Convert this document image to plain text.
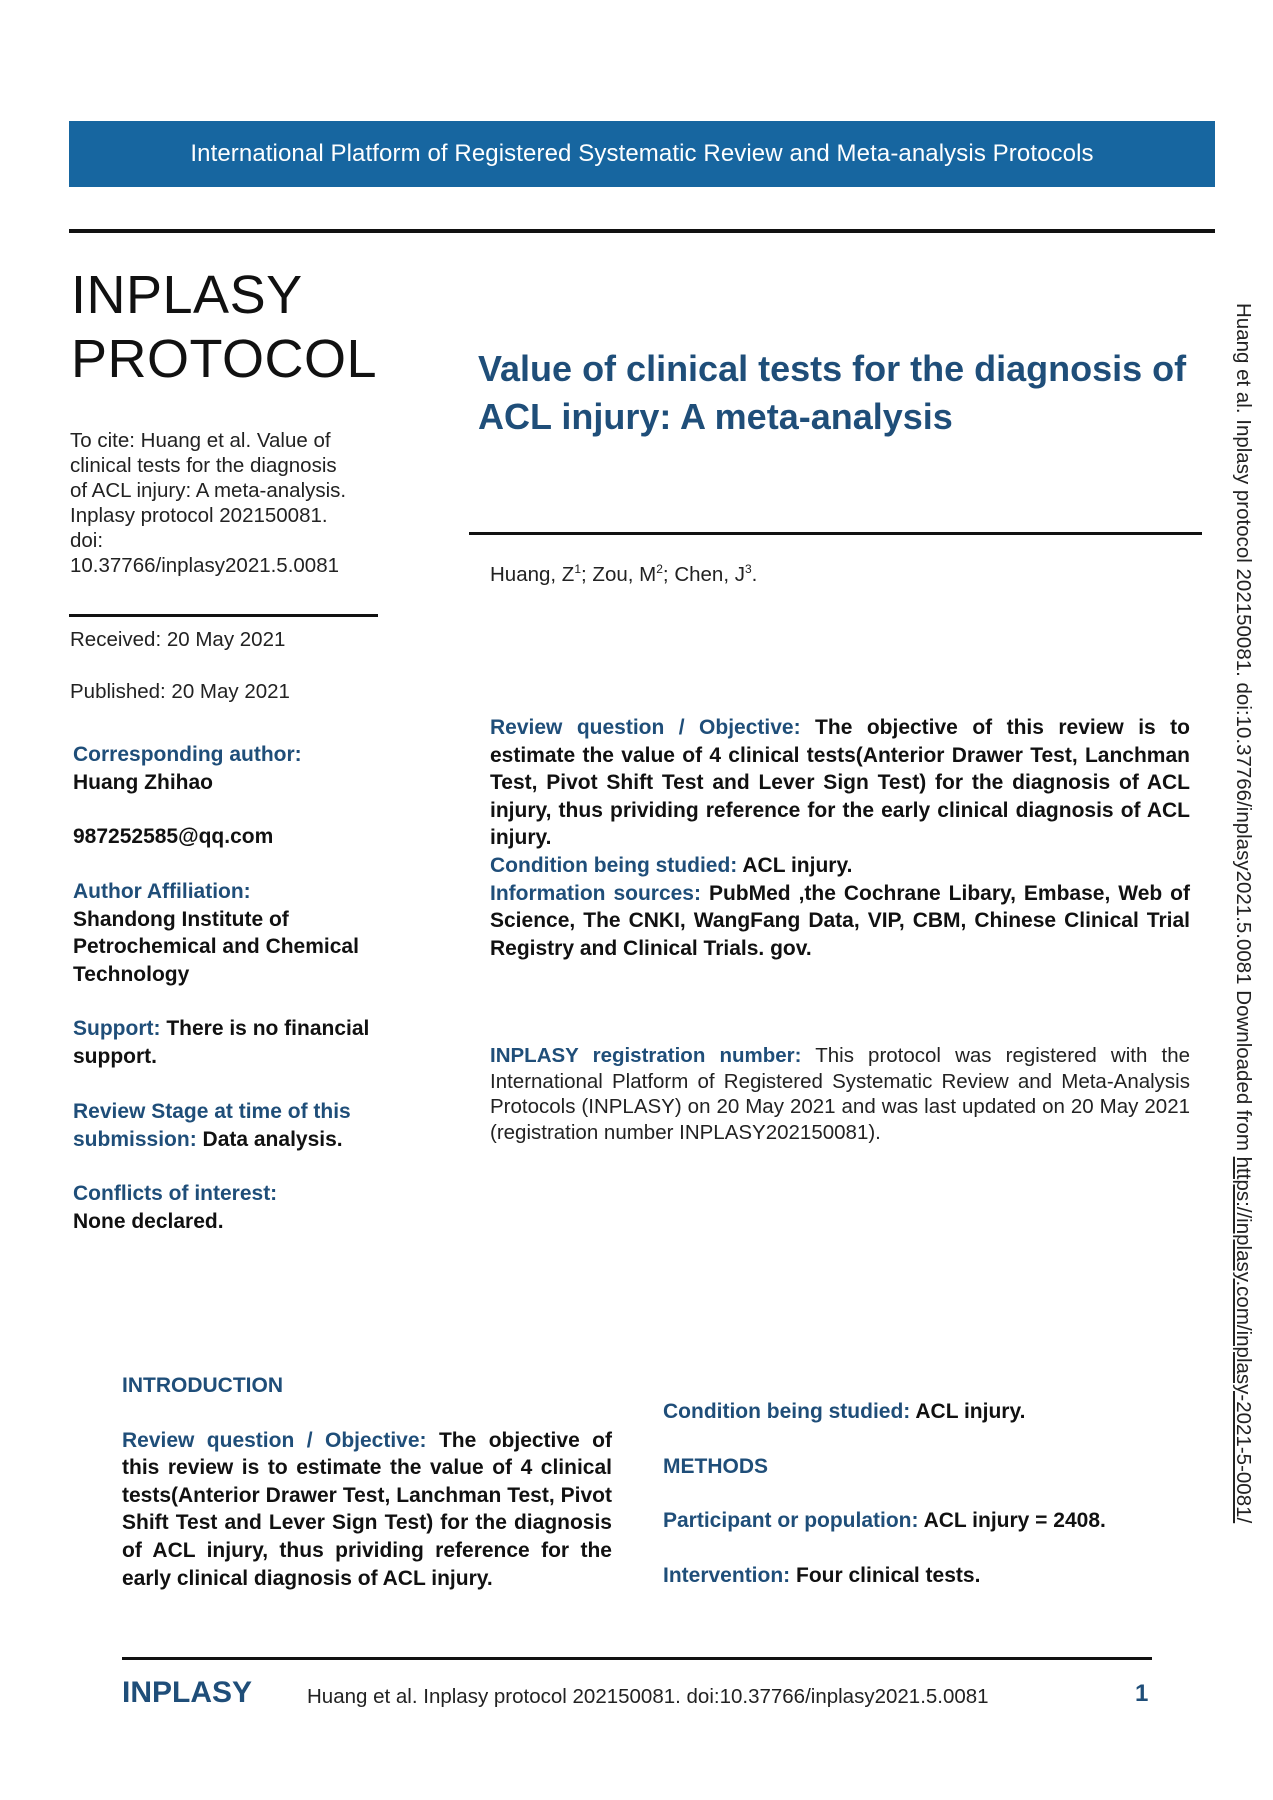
International Platform of Registered Systematic Review and Meta-analysis Protocols
INPLASY
PROTOCOL
To cite: Huang et al. Value of
clinical tests for the diagnosis
of ACL injury: A meta-analysis.
Inplasy protocol 202150081.
doi:
10.37766/inplasy2021.5.0081
Received: 20 May 2021
Published: 20 May 2021
Corresponding author:
Huang Zhihao
987252585@qq.com
Author Affiliation:
Shandong Institute of Petrochemical and Chemical Technology
Support: There is no financial support.
Review Stage at time of this submission: Data analysis.
Conflicts of interest:
None declared.
Value of clinical tests for the diagnosis of ACL injury: A meta-analysis
Huang, $Z^1$; Zou, $M^2$; Chen, $J^3$.
Review question / Objective: The objective of this review is to estimate the value of 4 clinical tests(Anterior Drawer Test, Lanchman Test, Pivot Shift Test and Lever Sign Test) for the diagnosis of ACL injury, thus prividing reference for the early clinical diagnosis of ACL injury.
Condition being studied: ACL injury.
Information sources: PubMed ,the Cochrane Libary, Embase, Web of Science, The CNKI, WangFang Data, VIP, CBM, Chinese Clinical Trial Registry and Clinical Trials. gov.
INPLASY registration number: This protocol was registered with the International Platform of Registered Systematic Review and Meta-Analysis Protocols (INPLASY) on 20 May 2021 and was last updated on 20 May 2021 (registration number INPLASY202150081).
INTRODUCTION
Review question / Objective: The objective of this review is to estimate the value of 4 clinical tests(Anterior Drawer Test, Lanchman Test, Pivot Shift Test and Lever Sign Test) for the diagnosis of ACL injury, thus prividing reference for the early clinical diagnosis of ACL injury.
Condition being studied: ACL injury.
METHODS
Participant or population: ACL injury = 2408.
Intervention: Four clinical tests.
Huang et al. Inplasy protocol 202150081. doi:10.37766/inplasy2021.5.0081 Downloaded from https://inplasy.com/inplasy-2021-5-0081/
INPLASY	Huang et al. Inplasy protocol 202150081. doi:10.37766/inplasy2021.5.0081	1
